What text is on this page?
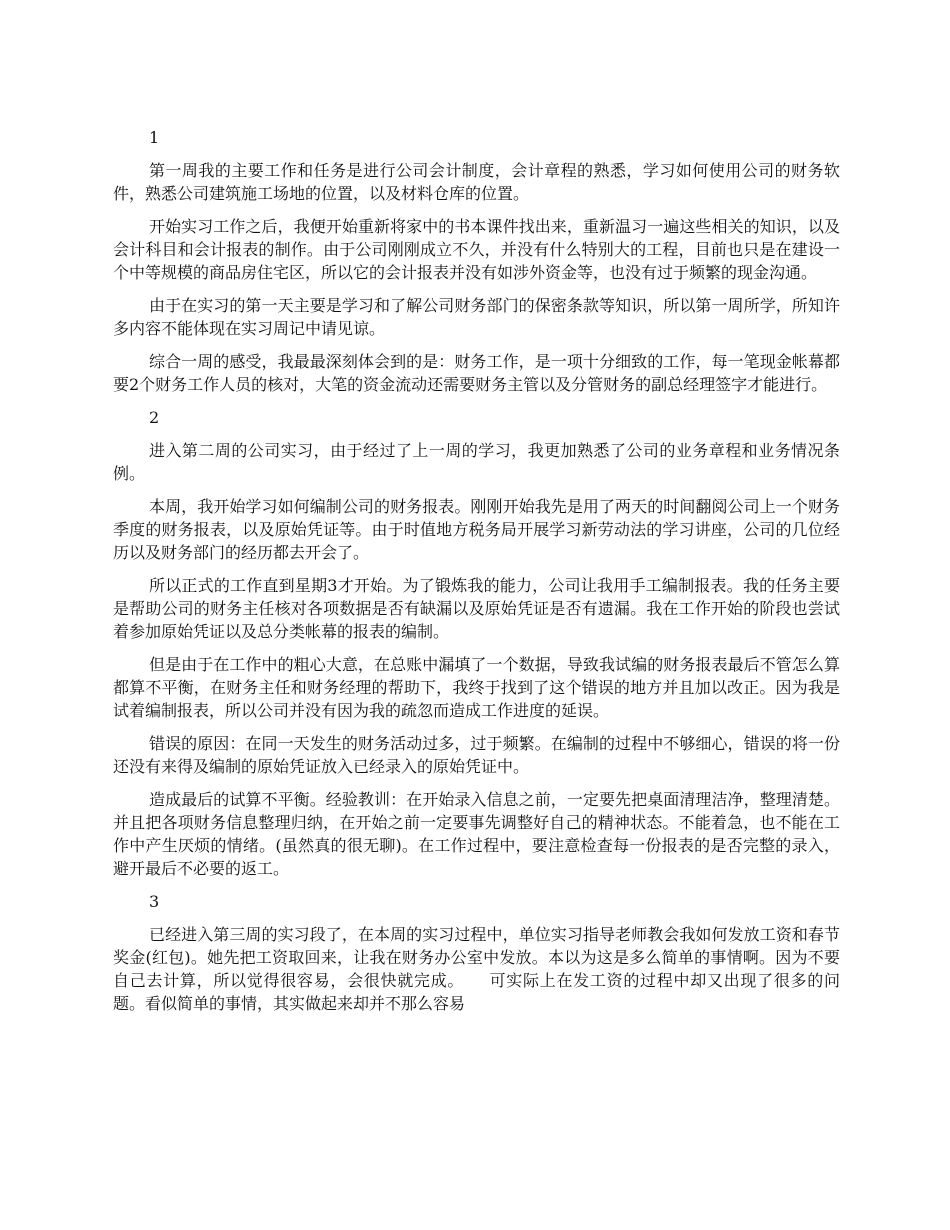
1

第一周我的主要工作和任务是进行公司会计制度，会计章程的熟悉，学习如何使用公司的财务软件，熟悉公司建筑施工场地的位置，以及材料仓库的位置。

开始实习工作之后，我便开始重新将家中的书本课件找出来，重新温习一遍这些相关的知识，以及会计科目和会计报表的制作。由于公司刚刚成立不久，并没有什么特别大的工程，目前也只是在建设一个中等规模的商品房住宅区，所以它的会计报表并没有如涉外资金等，也没有过于频繁的现金沟通。

由于在实习的第一天主要是学习和了解公司财务部门的保密条款等知识，所以第一周所学，所知许多内容不能体现在实习周记中请见谅。

综合一周的感受，我最最深刻体会到的是：财务工作，是一项十分细致的工作，每一笔现金帐幕都要2个财务工作人员的核对，大笔的资金流动还需要财务主管以及分管财务的副总经理签字才能进行。

2

进入第二周的公司实习，由于经过了上一周的学习，我更加熟悉了公司的业务章程和业务情况条例。

本周，我开始学习如何编制公司的财务报表。刚刚开始我先是用了两天的时间翻阅公司上一个财务季度的财务报表，以及原始凭证等。由于时值地方税务局开展学习新劳动法的学习讲座，公司的几位经历以及财务部门的经历都去开会了。

所以正式的工作直到星期3才开始。为了锻炼我的能力，公司让我用手工编制报表。我的任务主要是帮助公司的财务主任核对各项数据是否有缺漏以及原始凭证是否有遗漏。我在工作开始的阶段也尝试着参加原始凭证以及总分类帐幕的报表的编制。

但是由于在工作中的粗心大意，在总账中漏填了一个数据，导致我试编的财务报表最后不管怎么算都算不平衡，在财务主任和财务经理的帮助下，我终于找到了这个错误的地方并且加以改正。因为我是试着编制报表，所以公司并没有因为我的疏忽而造成工作进度的延误。

错误的原因：在同一天发生的财务活动过多，过于频繁。在编制的过程中不够细心，错误的将一份还没有来得及编制的原始凭证放入已经录入的原始凭证中。

造成最后的试算不平衡。经验教训：在开始录入信息之前，一定要先把桌面清理洁净，整理清楚。并且把各项财务信息整理归纳，在开始之前一定要事先调整好自己的精神状态。不能着急，也不能在工作中产生厌烦的情绪。(虽然真的很无聊)。在工作过程中，要注意检查每一份报表的是否完整的录入，避开最后不必要的返工。

3

已经进入第三周的实习段了，在本周的实习过程中，单位实习指导老师教会我如何发放工资和春节奖金(红包)。她先把工资取回来，让我在财务办公室中发放。本以为这是多么简单的事情啊。因为不要自己去计算，所以觉得很容易，会很快就完成。　　可实际上在发工资的过程中却又出现了很多的问题。看似简单的事情，其实做起来却并不那么容易
